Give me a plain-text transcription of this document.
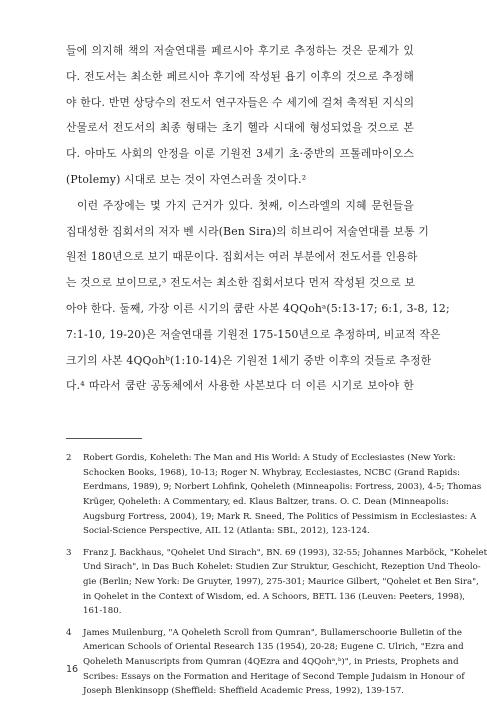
들에 의지해 책의 저술연대를 페르시아 후기로 추정하는 것은 문제가 있
다. 전도서는 최소한 페르시아 후기에 작성된 욥기 이후의 것으로 추정해
야 한다. 반면 상당수의 전도서 연구자들은 수 세기에 걸쳐 축적된 지식의
산물로서 전도서의 최종 형태는 초기 헬라 시대에 형성되었을 것으로 본
다. 아마도 사회의 안정을 이룬 기원전 3세기 초·중반의 프톨레마이오스
(Ptolemy) 시대로 보는 것이 자연스러울 것이다.²
이런 주장에는 몇 가지 근거가 있다. 첫째, 이스라엘의 지혜 문헌들을
집대성한 집회서의 저자 벤 시라(Ben Sira)의 히브리어 저술연대를 보통 기
원전 180년으로 보기 때문이다. 집회서는 여러 부분에서 전도서를 인용하
는 것으로 보이므로,³ 전도서는 최소한 집회서보다 먼저 작성된 것으로 보
아야 한다. 둘째, 가장 이른 시기의 쿰란 사본 4QQohᵃ(5:13-17; 6:1, 3-8, 12;
7:1-10, 19-20)은 저술연대를 기원전 175-150년으로 추정하며, 비교적 작은
크기의 사본 4QQohᵇ(1:10-14)은 기원전 1세기 중반 이후의 것들로 추정한
다.⁴ 따라서 쿰란 공동체에서 사용한 사본보다 더 이른 시기로 보아야 한
2 Robert Gordis, Koheleth: The Man and His World: A Study of Ecclesiastes (New York:
Schocken Books, 1968), 10-13; Roger N. Whybray, Ecclesiastes, NCBC (Grand Rapids:
Eerdmans, 1989), 9; Norbert Lohfink, Qoheleth (Minneapolis: Fortress, 2003), 4-5; Thomas
Krüger, Qoheleth: A Commentary, ed. Klaus Baltzer, trans. O. C. Dean (Minneapolis:
Augsburg Fortress, 2004), 19; Mark R. Sneed, The Politics of Pessimism in Ecclesiastes: A
Social-Science Perspective, AIL 12 (Atlanta: SBL, 2012), 123-124.
3 Franz J. Backhaus, "Qohelet Und Sirach", BN. 69 (1993), 32-55; Johannes Marböck, "Kohelet
Und Sirach", in Das Buch Kohelet: Studien Zur Struktur, Geschicht, Rezeption Und Theolo-
gie (Berlin; New York: De Gruyter, 1997), 275-301; Maurice Gilbert, "Qohelet et Ben Sira",
in Qohelet in the Context of Wisdom, ed. A Schoors, BETL 136 (Leuven: Peeters, 1998),
161-180.
4 James Muilenburg, "A Qoheleth Scroll from Qumran", Bullamerschoorie Bulletin of the
American Schools of Oriental Research 135 (1954), 20-28; Eugene C. Ulrich, "Ezra and
Qoheleth Manuscripts from Qumran (4QEzra and 4QQohᵃ,ᵇ)", in Priests, Prophets and
Scribes: Essays on the Formation and Heritage of Second Temple Judaism in Honour of
Joseph Blenkinsopp (Sheffield: Sheffield Academic Press, 1992), 139-157.
16
